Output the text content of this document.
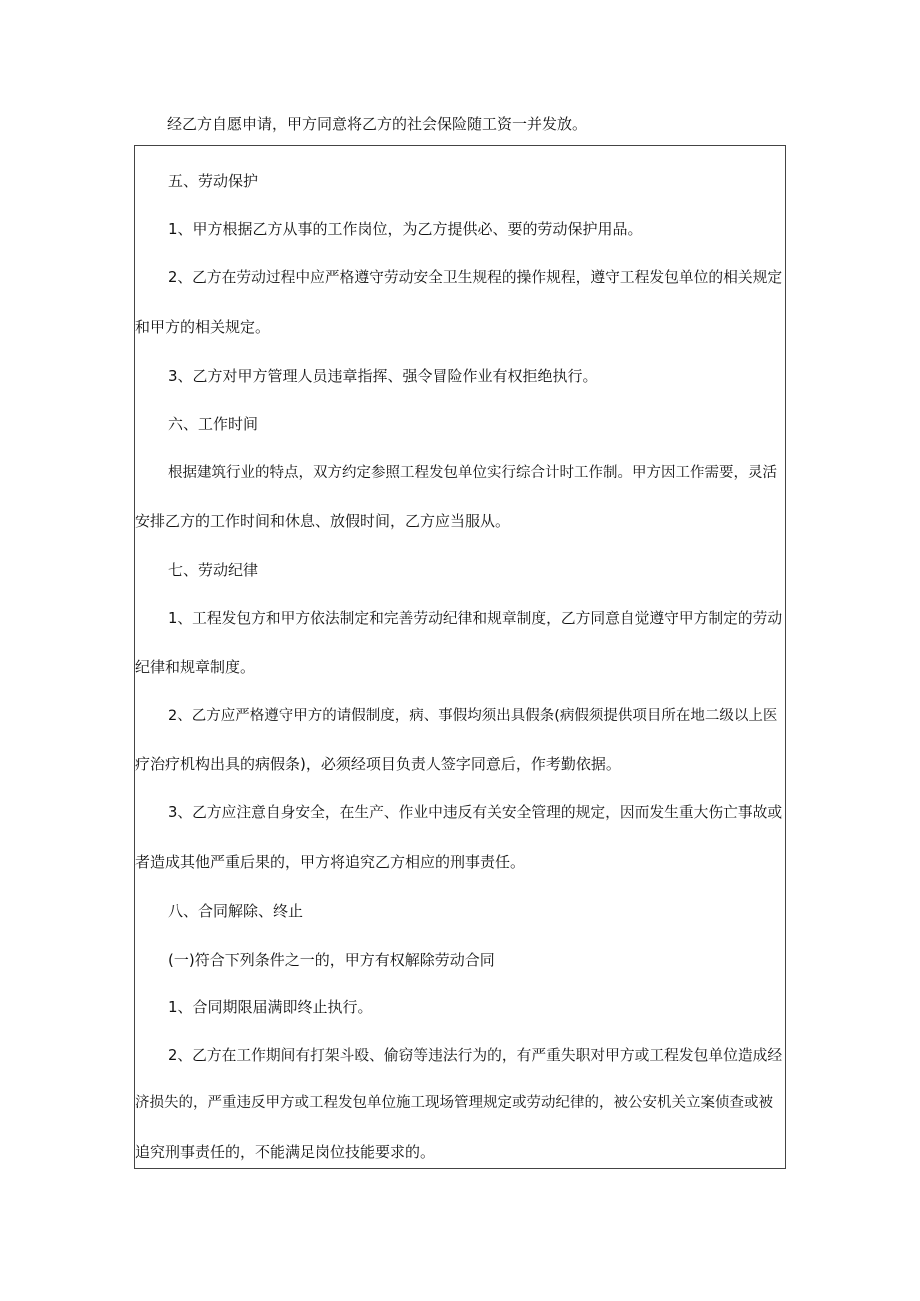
经乙方自愿申请，甲方同意将乙方的社会保险随工资一并发放。

五、劳动保护

1、甲方根据乙方从事的工作岗位，为乙方提供必、要的劳动保护用品。

2、乙方在劳动过程中应严格遵守劳动安全卫生规程的操作规程，遵守工程发包单位的相关规定

和甲方的相关规定。

3、乙方对甲方管理人员违章指挥、强令冒险作业有权拒绝执行。

六、工作时间

根据建筑行业的特点，双方约定参照工程发包单位实行综合计时工作制。甲方因工作需要，灵活

安排乙方的工作时间和休息、放假时间，乙方应当服从。

七、劳动纪律

1、工程发包方和甲方依法制定和完善劳动纪律和规章制度，乙方同意自觉遵守甲方制定的劳动

纪律和规章制度。

2、乙方应严格遵守甲方的请假制度，病、事假均须出具假条(病假须提供项目所在地二级以上医

疗治疗机构出具的病假条)，必须经项目负责人签字同意后，作考勤依据。

3、乙方应注意自身安全，在生产、作业中违反有关安全管理的规定，因而发生重大伤亡事故或

者造成其他严重后果的，甲方将追究乙方相应的刑事责任。

八、合同解除、终止

(一)符合下列条件之一的，甲方有权解除劳动合同

1、合同期限届满即终止执行。

2、乙方在工作期间有打架斗殴、偷窃等违法行为的，有严重失职对甲方或工程发包单位造成经

济损失的，严重违反甲方或工程发包单位施工现场管理规定或劳动纪律的，被公安机关立案侦查或被

追究刑事责任的，不能满足岗位技能要求的。
